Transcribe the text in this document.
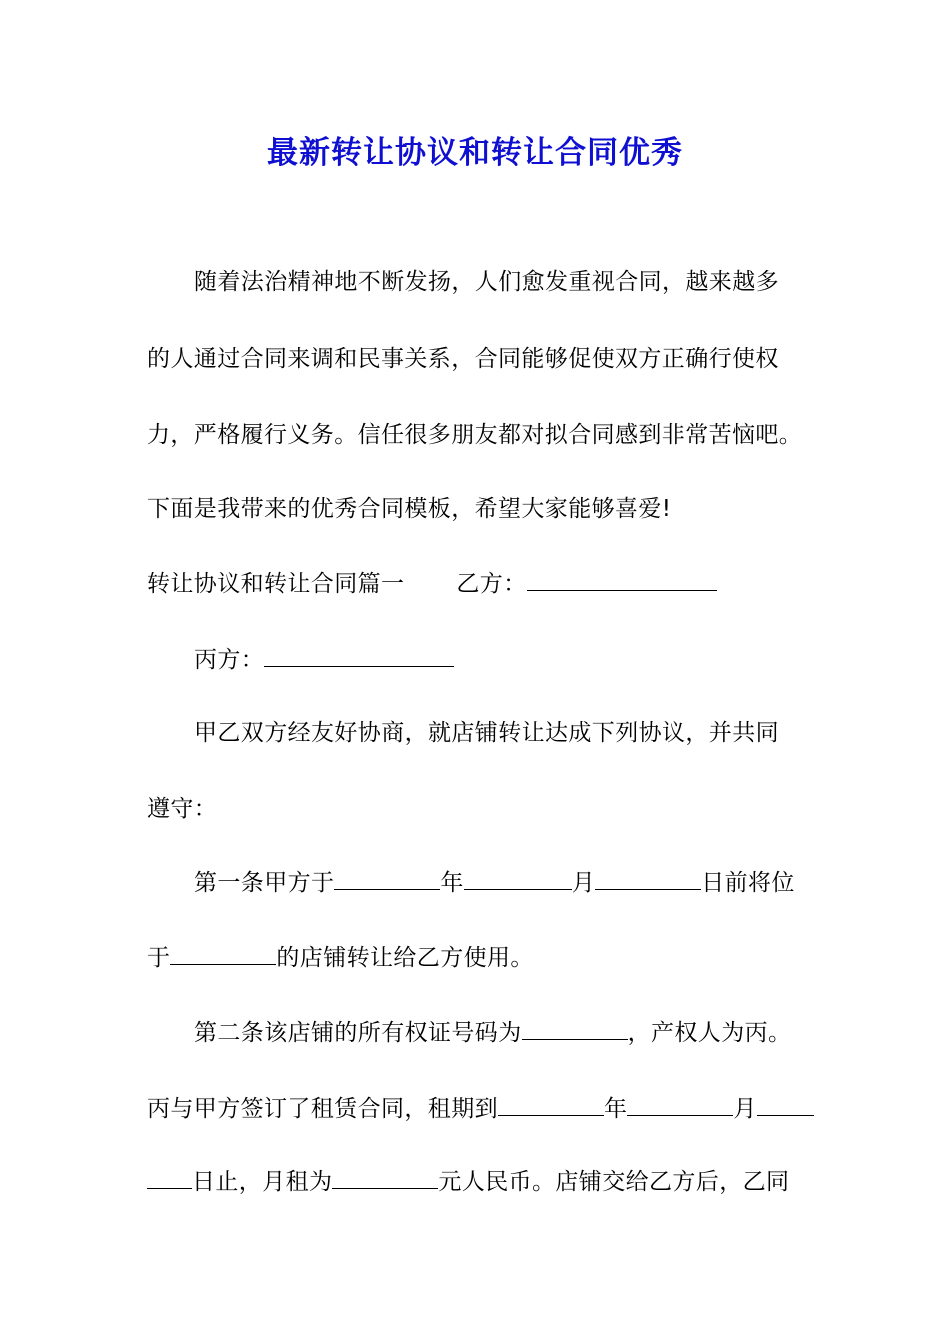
最新转让协议和转让合同优秀
随着法治精神地不断发扬，人们愈发重视合同，越来越多
的人通过合同来调和民事关系，合同能够促使双方正确行使权
力，严格履行义务。信任很多朋友都对拟合同感到非常苦恼吧。
下面是我带来的优秀合同模板，希望大家能够喜爱!
转让协议和转让合同篇一 乙方：
丙方：
甲乙双方经友好协商，就店铺转让达成下列协议，并共同
遵守：
第一条甲方于	年	月	日前将位
于	的店铺转让给乙方使用。
第二条该店铺的所有权证号码为	，产权人为丙。
丙与甲方签订了租赁合同，租期到	年	月
日止，月租为	元人民币。店铺交给乙方后，乙同
